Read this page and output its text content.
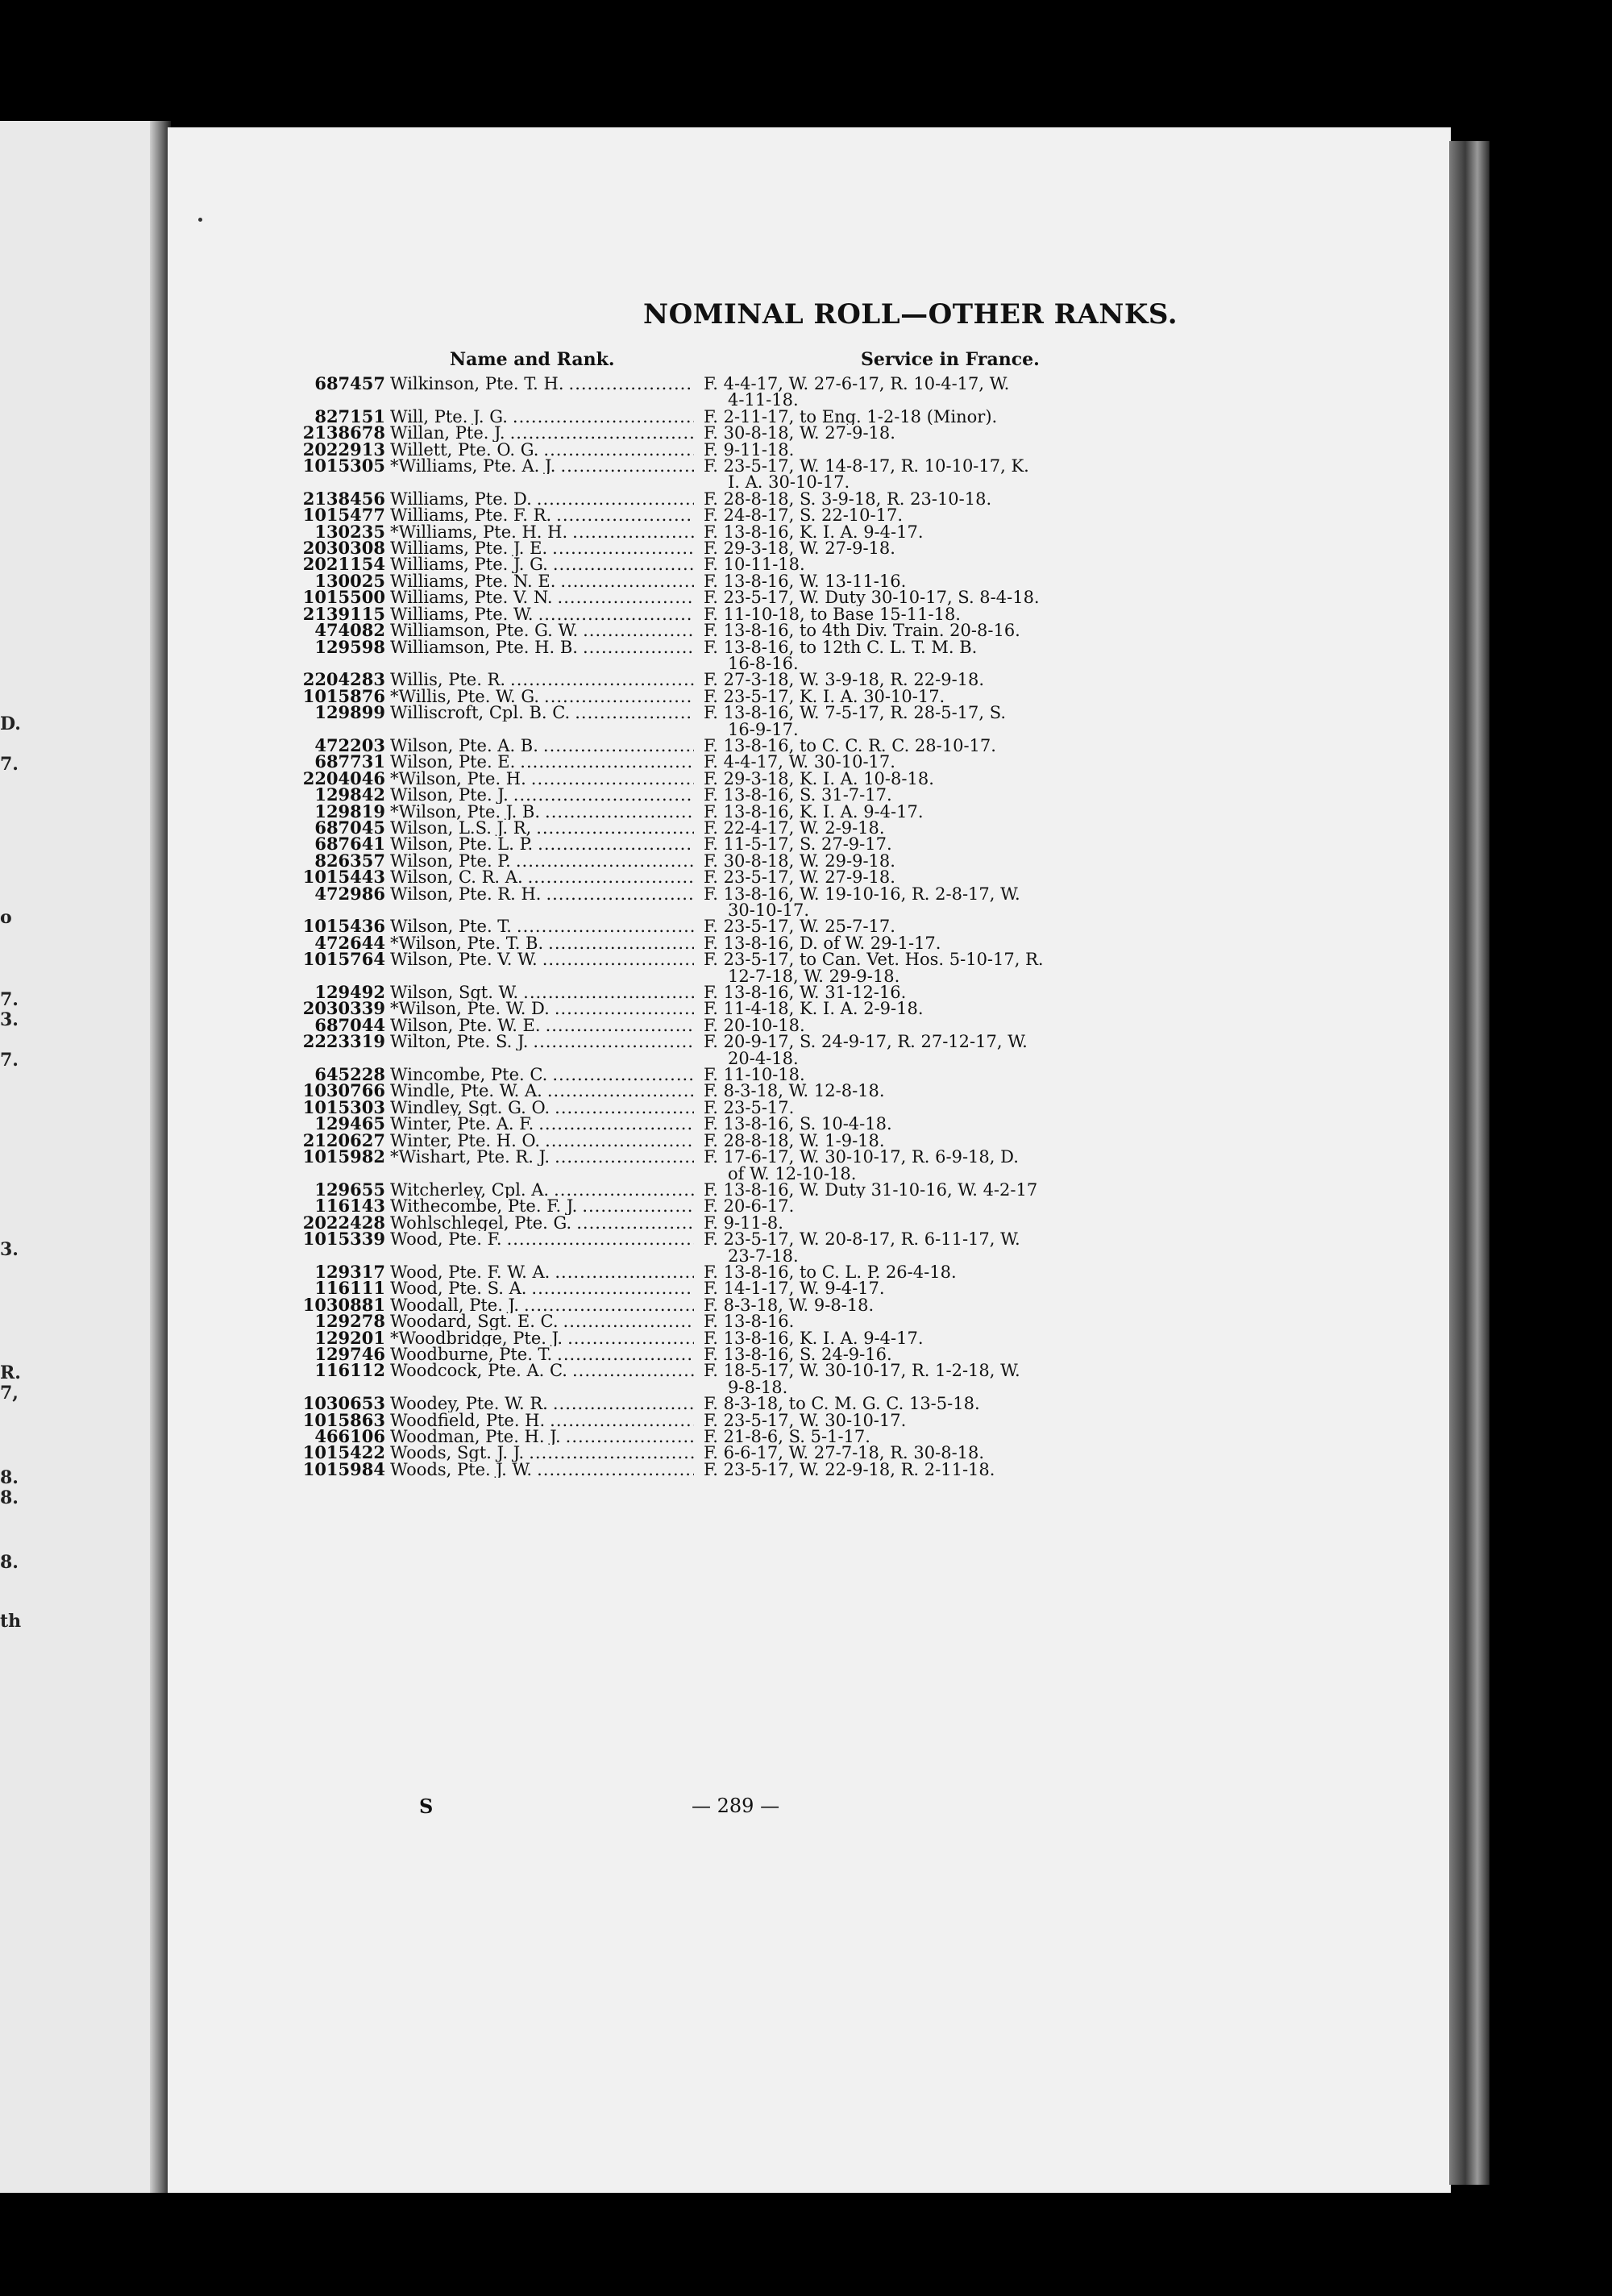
D.
7.
o
7.
3.
7.
3.
R.
7,
8.
8.
8.
th
NOMINAL ROLL—OTHER RANKS.
Name and Rank.	Service in France.
687457 Wilkinson, Pte. T. H. .....	F. 4-4-17, W. 27-6-17, R. 10-4-17, W.
4-11-18.
827151 Will, Pte. J. G. .....	F. 2-11-17, to Eng. 1-2-18 (Minor).
2138678 Willan, Pte. J. .....	F. 30-8-18, W. 27-9-18.
2022913 Willett, Pte. O. G. .....	F. 9-11-18.
1015305 *Williams, Pte. A. J. .....	F. 23-5-17, W. 14-8-17, R. 10-10-17, K.
I. A. 30-10-17.
2138456 Williams, Pte. D. .....	F. 28-8-18, S. 3-9-18, R. 23-10-18.
1015477 Williams, Pte. F. R. .....	F. 24-8-17, S. 22-10-17.
130235 *Williams, Pte. H. H. .....	F. 13-8-16, K. I. A. 9-4-17.
2030308 Williams, Pte. J. E. .....	F. 29-3-18, W. 27-9-18.
2021154 Williams, Pte. J. G. .....	F. 10-11-18.
130025 Williams, Pte. N. E. .....	F. 13-8-16, W. 13-11-16.
1015500 Williams, Pte. V. N. .....	F. 23-5-17, W. Duty 30-10-17, S. 8-4-18.
2139115 Williams, Pte. W. .....	F. 11-10-18, to Base 15-11-18.
474082 Williamson, Pte. G. W. .....	F. 13-8-16, to 4th Div. Train. 20-8-16.
129598 Williamson, Pte. H. B. .....	F. 13-8-16, to 12th C. L. T. M. B.
16-8-16.
2204283 Willis, Pte. R. .....	F. 27-3-18, W. 3-9-18, R. 22-9-18.
1015876 *Willis, Pte. W. G. .....	F. 23-5-17, K. I. A. 30-10-17.
129899 Williscroft, Cpl. B. C. .....	F. 13-8-16, W. 7-5-17, R. 28-5-17, S.
16-9-17.
472203 Wilson, Pte. A. B. .....	F. 13-8-16, to C. C. R. C. 28-10-17.
687731 Wilson, Pte. E. .....	F. 4-4-17, W. 30-10-17.
2204046 *Wilson, Pte. H. .....	F. 29-3-18, K. I. A. 10-8-18.
129842 Wilson, Pte. J. .....	F. 13-8-16, S. 31-7-17.
129819 *Wilson, Pte. J. B. .....	F. 13-8-16, K. I. A. 9-4-17.
687045 Wilson, L.S. J. R, .....	F. 22-4-17, W. 2-9-18.
687641 Wilson, Pte. L. P. .....	F. 11-5-17, S. 27-9-17.
826357 Wilson, Pte. P. .....	F. 30-8-18, W. 29-9-18.
1015443 Wilson, C. R. A. .....	F. 23-5-17, W. 27-9-18.
472986 Wilson, Pte. R. H. .....	F. 13-8-16, W. 19-10-16, R. 2-8-17, W.
30-10-17.
1015436 Wilson, Pte. T. .....	F. 23-5-17, W. 25-7-17.
472644 *Wilson, Pte. T. B. .....	F. 13-8-16, D. of W. 29-1-17.
1015764 Wilson, Pte. V. W. .....	F. 23-5-17, to Can. Vet. Hos. 5-10-17, R.
12-7-18, W. 29-9-18.
129492 Wilson, Sgt. W. .....	F. 13-8-16, W. 31-12-16.
2030339 *Wilson, Pte. W. D. .....	F. 11-4-18, K. I. A. 2-9-18.
687044 Wilson, Pte. W. E. .....	F. 20-10-18.
2223319 Wilton, Pte. S. J. .....	F. 20-9-17, S. 24-9-17, R. 27-12-17, W.
20-4-18.
645228 Wincombe, Pte. C. .....	F. 11-10-18.
1030766 Windle, Pte. W. A. .....	F. 8-3-18, W. 12-8-18.
1015303 Windley, Sgt. G. O. .....	F. 23-5-17.
129465 Winter, Pte. A. F. .....	F. 13-8-16, S. 10-4-18.
2120627 Winter, Pte. H. O. .....	F. 28-8-18, W. 1-9-18.
1015982 *Wishart, Pte. R. J. .....	F. 17-6-17, W. 30-10-17, R. 6-9-18, D.
of W. 12-10-18.
129655 Witcherley, Cpl. A. .....	F. 13-8-16, W. Duty 31-10-16, W. 4-2-17
116143 Withecombe, Pte. F. J. .....	F. 20-6-17.
2022428 Wohlschlegel, Pte. G. .....	F. 9-11-8.
1015339 Wood, Pte. F. .....	F. 23-5-17, W. 20-8-17, R. 6-11-17, W.
23-7-18.
129317 Wood, Pte. F. W. A. .....	F. 13-8-16, to C. L. P. 26-4-18.
116111 Wood, Pte. S. A. .....	F. 14-1-17, W. 9-4-17.
1030881 Woodall, Pte. J. .....	F. 8-3-18, W. 9-8-18.
129278 Woodard, Sgt. E. C. .....	F. 13-8-16.
129201 *Woodbridge, Pte. J. .....	F. 13-8-16, K. I. A. 9-4-17.
129746 Woodburne, Pte. T. .....	F. 13-8-16, S. 24-9-16.
116112 Woodcock, Pte. A. C. .....	F. 18-5-17, W. 30-10-17, R. 1-2-18, W.
9-8-18.
1030653 Woodey, Pte. W. R. .....	F. 8-3-18, to C. M. G. C. 13-5-18.
1015863 Woodfield, Pte. H. .....	F. 23-5-17, W. 30-10-17.
466106 Woodman, Pte. H. J. .....	F. 21-8-6, S. 5-1-17.
1015422 Woods, Sgt. J. J. .....	F. 6-6-17, W. 27-7-18, R. 30-8-18.
1015984 Woods, Pte. J. W. .....	F. 23-5-17, W. 22-9-18, R. 2-11-18.
S	— 289 —
